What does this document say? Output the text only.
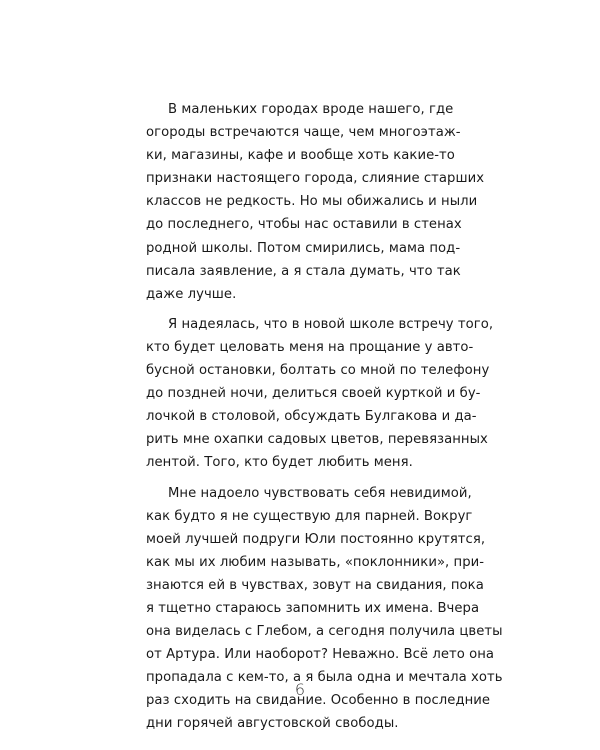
В маленьких городах вроде нашего, где
огороды встречаются чаще, чем многоэтаж-
ки, магазины, кафе и вообще хоть какие-то
признаки настоящего города, слияние старших
классов не редкость. Но мы обижались и ныли
до последнего, чтобы нас оставили в стенах
родной школы. Потом смирились, мама под-
писала заявление, а я стала думать, что так
даже лучше.
Я надеялась, что в новой школе встречу того,
кто будет целовать меня на прощание у авто-
бусной остановки, болтать со мной по телефону
до поздней ночи, делиться своей курткой и бу-
лочкой в столовой, обсуждать Булгакова и да-
рить мне охапки садовых цветов, перевязанных
лентой. Того, кто будет любить меня.
Мне надоело чувствовать себя невидимой,
как будто я не существую для парней. Вокруг
моей лучшей подруги Юли постоянно крутятся,
как мы их любим называть, «поклонники», при-
знаются ей в чувствах, зовут на свидания, пока
я тщетно стараюсь запомнить их имена. Вчера
она виделась с Глебом, а сегодня получила цветы
от Артура. Или наоборот? Неважно. Всё лето она
пропадала с кем-то, а я была одна и мечтала хоть
раз сходить на свидание. Особенно в последние
дни горячей августовской свободы.
6
